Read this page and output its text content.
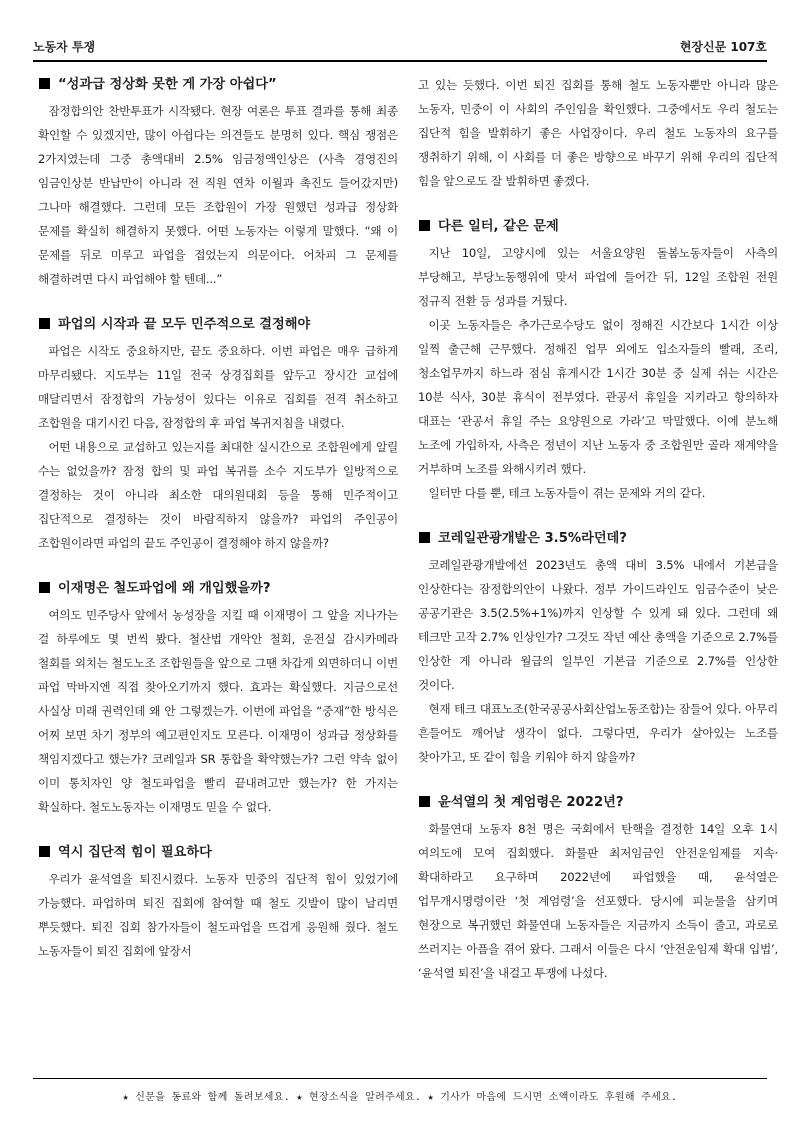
노동자 투쟁	현장신문 107호
“성과급 정상화 못한 게 가장 아쉽다”

잠정합의안 찬반투표가 시작됐다. 현장 여론은 투표 결과를 통해 최종 확인할 수 있겠지만, 많이 아쉽다는 의견들도 분명히 있다. 핵심 쟁점은 2가지였는데 그중 총액대비 2.5% 임금정액인상은 (사측 경영진의 임금인상분 반납만이 아니라 전 직원 연차 이월과 촉진도 들어갔지만) 그나마 해결했다. 그런데 모든 조합원이 가장 원했던 성과급 정상화 문제를 확실히 해결하지 못했다. 어떤 노동자는 이렇게 말했다. “왜 이 문제를 뒤로 미루고 파업을 접었는지 의문이다. 어차피 그 문제를 해결하려면 다시 파업해야 할 텐데...”

파업의 시작과 끝 모두 민주적으로 결정해야

파업은 시작도 중요하지만, 끝도 중요하다. 이번 파업은 매우 급하게 마무리됐다. 지도부는 11일 전국 상경집회를 앞두고 장시간 교섭에 매달리면서 잠정합의 가능성이 있다는 이유로 집회를 전격 취소하고 조합원을 대기시킨 다음, 잠정합의 후 파업 복귀지침을 내렸다.

어떤 내용으로 교섭하고 있는지를 최대한 실시간으로 조합원에게 알릴 수는 없었을까? 잠정 합의 및 파업 복귀를 소수 지도부가 일방적으로 결정하는 것이 아니라 최소한 대의원대회 등을 통해 민주적이고 집단적으로 결정하는 것이 바람직하지 않을까? 파업의 주인공이 조합원이라면 파업의 끝도 주인공이 결정해야 하지 않을까?

이재명은 철도파업에 왜 개입했을까?

여의도 민주당사 앞에서 농성장을 지킬 때 이재명이 그 앞을 지나가는 걸 하루에도 몇 번씩 봤다. 철산법 개악안 철회, 운전실 감시카메라 철회를 외치는 철도노조 조합원들을 앞으로 그땐 차갑게 외면하더니 이번 파업 막바지엔 직접 찾아오기까지 했다. 효과는 확실했다. 지금으로선 사실상 미래 권력인데 왜 안 그렇겠는가. 이번에 파업을 “중재”한 방식은 어찌 보면 차기 정부의 예고편인지도 모른다. 이재명이 성과급 정상화를 책임지겠다고 했는가? 코레일과 SR 통합을 확약했는가? 그런 약속 없이 이미 통치자인 양 철도파업을 빨리 끝내려고만 했는가? 한 가지는 확실하다. 철도노동자는 이재명도 믿을 수 없다.

역시 집단적 힘이 필요하다

우리가 윤석열을 퇴진시켰다. 노동자 민중의 집단적 힘이 있었기에 가능했다. 파업하며 퇴진 집회에 참여할 때 철도 깃발이 많이 날리면 뿌듯했다. 퇴진 집회 참가자들이 철도파업을 뜨겁게 응원해 줬다. 철도 노동자들이 퇴진 집회에 앞장서

고 있는 듯했다. 이번 퇴진 집회를 통해 철도 노동자뿐만 아니라 많은 노동자, 민중이 이 사회의 주인임을 확인했다. 그중에서도 우리 철도는 집단적 힘을 발휘하기 좋은 사업장이다. 우리 철도 노동자의 요구를 쟁취하기 위해, 이 사회를 더 좋은 방향으로 바꾸기 위해 우리의 집단적 힘을 앞으로도 잘 발휘하면 좋겠다.

다른 일터, 같은 문제

지난 10일, 고양시에 있는 서울요양원 돌봄노동자들이 사측의 부당해고, 부당노동행위에 맞서 파업에 들어간 뒤, 12일 조합원 전원 정규직 전환 등 성과를 거뒀다.

이곳 노동자들은 추가근로수당도 없이 정해진 시간보다 1시간 이상 일찍 출근해 근무했다. 정해진 업무 외에도 입소자들의 빨래, 조리, 청소업무까지 하느라 점심 휴게시간 1시간 30분 중 실제 쉬는 시간은 10분 식사, 30분 휴식이 전부였다. 관공서 휴일을 지키라고 항의하자 대표는 ‘관공서 휴일 주는 요양원으로 가라’고 막말했다. 이에 분노해 노조에 가입하자, 사측은 정년이 지난 노동자 중 조합원만 골라 재계약을 거부하며 노조를 와해시키려 했다.

일터만 다를 뿐, 테크 노동자들이 겪는 문제와 거의 같다.

코레일관광개발은 3.5%라던데?

코레일관광개발에선 2023년도 총액 대비 3.5% 내에서 기본급을 인상한다는 잠정합의안이 나왔다. 정부 가이드라인도 임금수준이 낮은 공공기관은 3.5(2.5%+1%)까지 인상할 수 있게 돼 있다. 그런데 왜 테크만 고작 2.7% 인상인가? 그것도 작년 예산 총액을 기준으로 2.7%를 인상한 게 아니라 월급의 일부인 기본급 기준으로 2.7%를 인상한 것이다.

현재 테크 대표노조(한국공공사회산업노동조합)는 잠들어 있다. 아무리 흔들어도 깨어날 생각이 없다. 그렇다면, 우리가 살아있는 노조를 찾아가고, 또 같이 힘을 키워야 하지 않을까?

윤석열의 첫 계엄령은 2022년?

화물연대 노동자 8천 명은 국회에서 탄핵을 결정한 14일 오후 1시 여의도에 모여 집회했다. 화물판 최저임금인 안전운임제를 지속·확대하라고 요구하며 2022년에 파업했을 때, 윤석열은 업무개시명령이란 ‘첫 계엄령’을 선포했다. 당시에 피눈물을 삼키며 현장으로 복귀했던 화물연대 노동자들은 지금까지 소득이 줄고, 과로로 쓰러지는 아픔을 겪어 왔다. 그래서 이들은 다시 ‘안전운임제 확대 입법’, ‘윤석열 퇴진’을 내걸고 투쟁에 나섰다.

★ 신문을 동료와 함께 돌려보세요. ★ 현장소식을 알려주세요. ★ 기사가 마음에 드시면 소액이라도 후원해 주세요.
